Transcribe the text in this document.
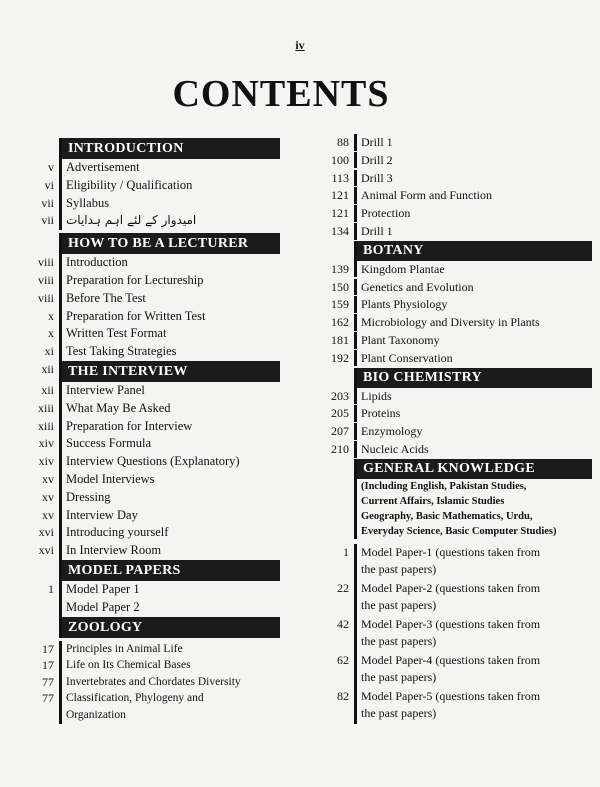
iv
CONTENTS
INTRODUCTION
v Advertisement
vi Eligibility / Qualification
vii Syllabus
vii	امیدوار کے لئے اہم ہدایات
HOW TO BE A LECTURER
viii Introduction
viii Preparation for Lectureship
viii Before The Test
x Preparation for Written Test
x Written Test Format
xi Test Taking Strategies
xii	THE INTERVIEW
xii Interview Panel
xiii What May Be Asked
xiii Preparation for Interview
xiv Success Formula
xiv Interview Questions (Explanatory)
xv Model Interviews
xv Dressing
xv Interview Day
xvi Introducing yourself
xvi In Interview Room
MODEL PAPERS
1 Model Paper 1
Model Paper 2
ZOOLOGY
17	Principles in Animal Life
17	Life on Its Chemical Bases
77	Invertebrates and Chordates Diversity
77	Classification, Phylogeny and
Organization
88	Drill 1
100	Drill 2
113	Drill 3
121	Animal Form and Function
121	Protection
134	Drill 1
BOTANY
139	Kingdom Plantae
150	Genetics and Evolution
159	Plants Physiology
162	Microbiology and Diversity in Plants
181	Plant Taxonomy
192	Plant Conservation
BIO CHEMISTRY
203	Lipids
205	Proteins
207	Enzymology
210	Nucleic Acids
GENERAL KNOWLEDGE
(Including English, Pakistan Studies,
Current Affairs, Islamic Studies
Geography, Basic Mathematics, Urdu,
Everyday Science, Basic Computer Studies)
1	Model Paper-1 (questions taken from
the past papers)
22	Model Paper-2 (questions taken from
the past papers)
42	Model Paper-3 (questions taken from
the past papers)
62	Model Paper-4 (questions taken from
the past papers)
82	Model Paper-5 (questions taken from
the past papers)
